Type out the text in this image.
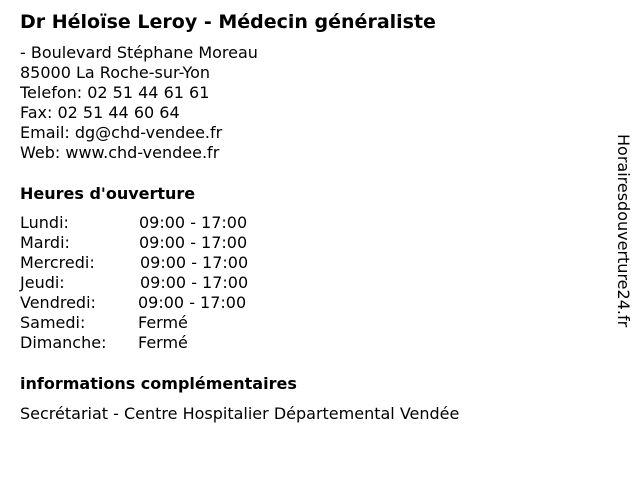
Dr Héloïse Leroy - Médecin généraliste
- Boulevard Stéphane Moreau
85000 La Roche-sur-Yon
Telefon: 02 51 44 61 61
Fax: 02 51 44 60 64
Email: dg@chd-vendee.fr
Web: www.chd-vendee.fr
Heures d'ouverture
Lundi:	09:00 - 17:00
Mardi:	09:00 - 17:00
Mercredi:	09:00 - 17:00
Jeudi:	09:00 - 17:00
Vendredi:	09:00 - 17:00
Samedi:	Fermé
Dimanche: Fermé
informations complémentaires
Secrétariat - Centre Hospitalier Départemental Vendée
Horairesdouverture24.fr
